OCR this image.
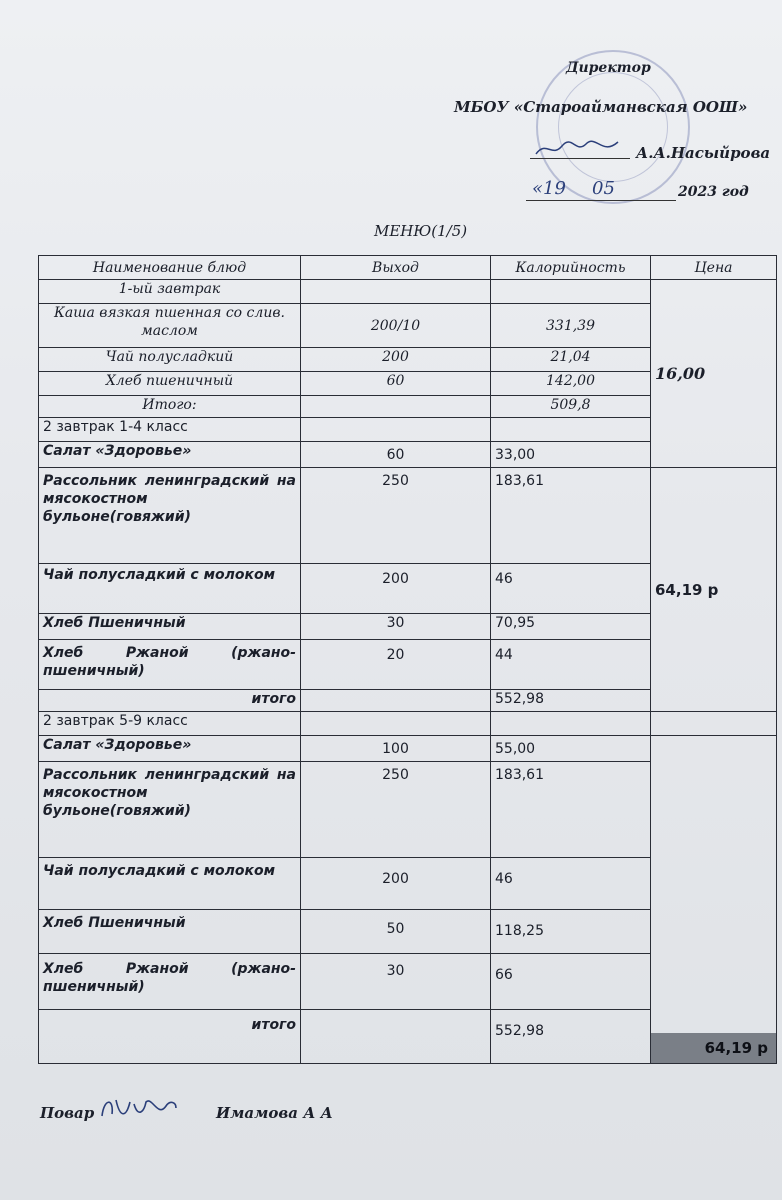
Директор
МБОУ «Староайманвская ООШ»
А.А.Насыйрова
«19 05	2023 год
МЕНЮ(1/5)
Наименование блюд	Выход	Калорийность	Цена
1-ый завтрак			16,00
Каша вязкая пшенная со слив. маслом	200/10	331,39	
Чай полусладкий	200	21,04	
Хлеб пшеничный	60	142,00	
Итого:		509,8	
2 завтрак 1-4 класс			
Салат «Здоровье»	60	33,00	
Рассольник ленинградский на мясокостном бульоне(говяжий)	250	183,61	64,19 р
Чай полусладкий с молоком	200	46	
Хлеб Пшеничный	30	70,95	
Хлеб Ржаной (ржано-пшеничный)	20	44	
итого		552,98	
2 завтрак 5-9 класс			
Салат «Здоровье»	100	55,00	64,19 р

Рассольник ленинградский на мясокостном бульоне(говяжий)	250	183,61	
Чай полусладкий с молоком	200	46	
Хлеб Пшеничный	50	118,25	
Хлеб Ржаной (ржано-пшеничный)	30	66	
итого		552,98	
Повар	Имамова А А
